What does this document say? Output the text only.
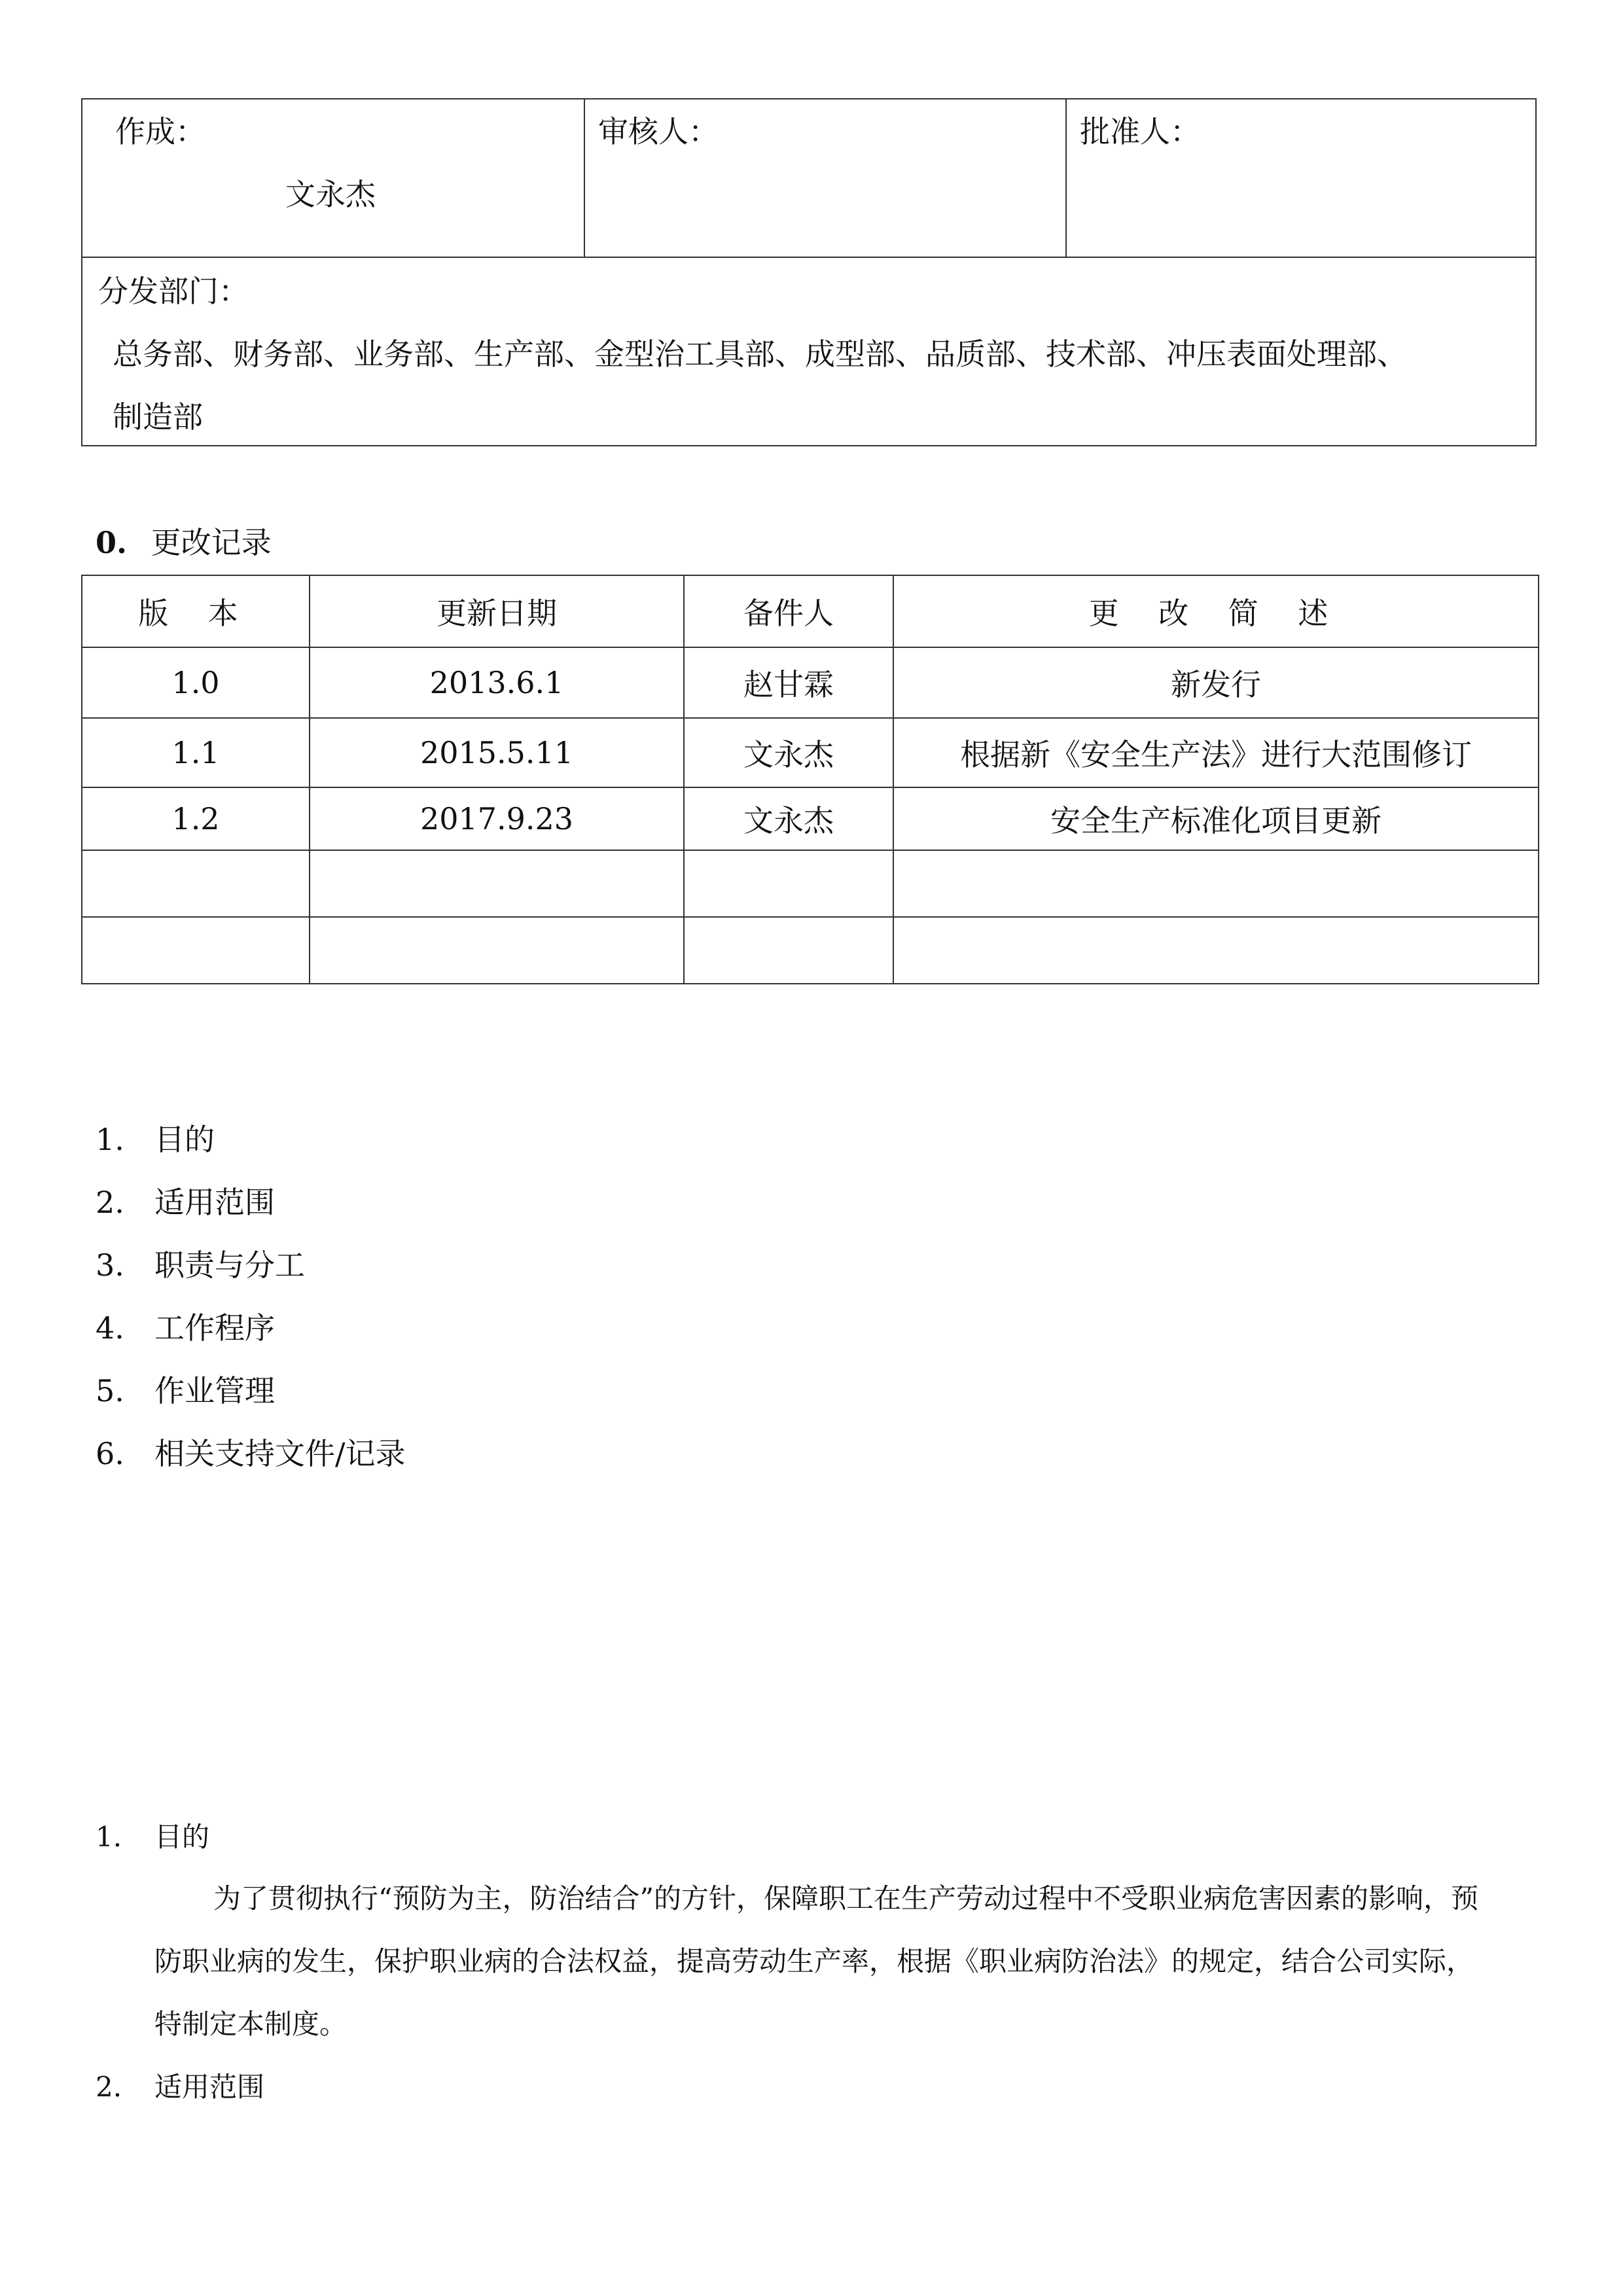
作成：
文永杰
审核人：	批准人：
分发部门：
总务部、财务部、业务部、生产部、金型治工具部、成型部、品质部、技术部、冲压表面处理部、
制造部
0. 更改记录
版 本	更新日期	备件人	更 改 简 述
1.0	2013.6.1	赵甘霖	新发行
1.1	2015.5.11	文永杰	根据新《安全生产法》进行大范围修订
1.2	2017.9.23	文永杰	安全生产标准化项目更新

1. 目的
2. 适用范围
3. 职责与分工
4. 工作程序
5. 作业管理
6. 相关支持文件/记录
1. 目的
为了贯彻执行“预防为主，防治结合”的方针，保障职工在生产劳动过程中不受职业病危害因素的影响，预
防职业病的发生，保护职业病的合法权益，提高劳动生产率，根据《职业病防治法》的规定，结合公司实际，
特制定本制度。
2. 适用范围
